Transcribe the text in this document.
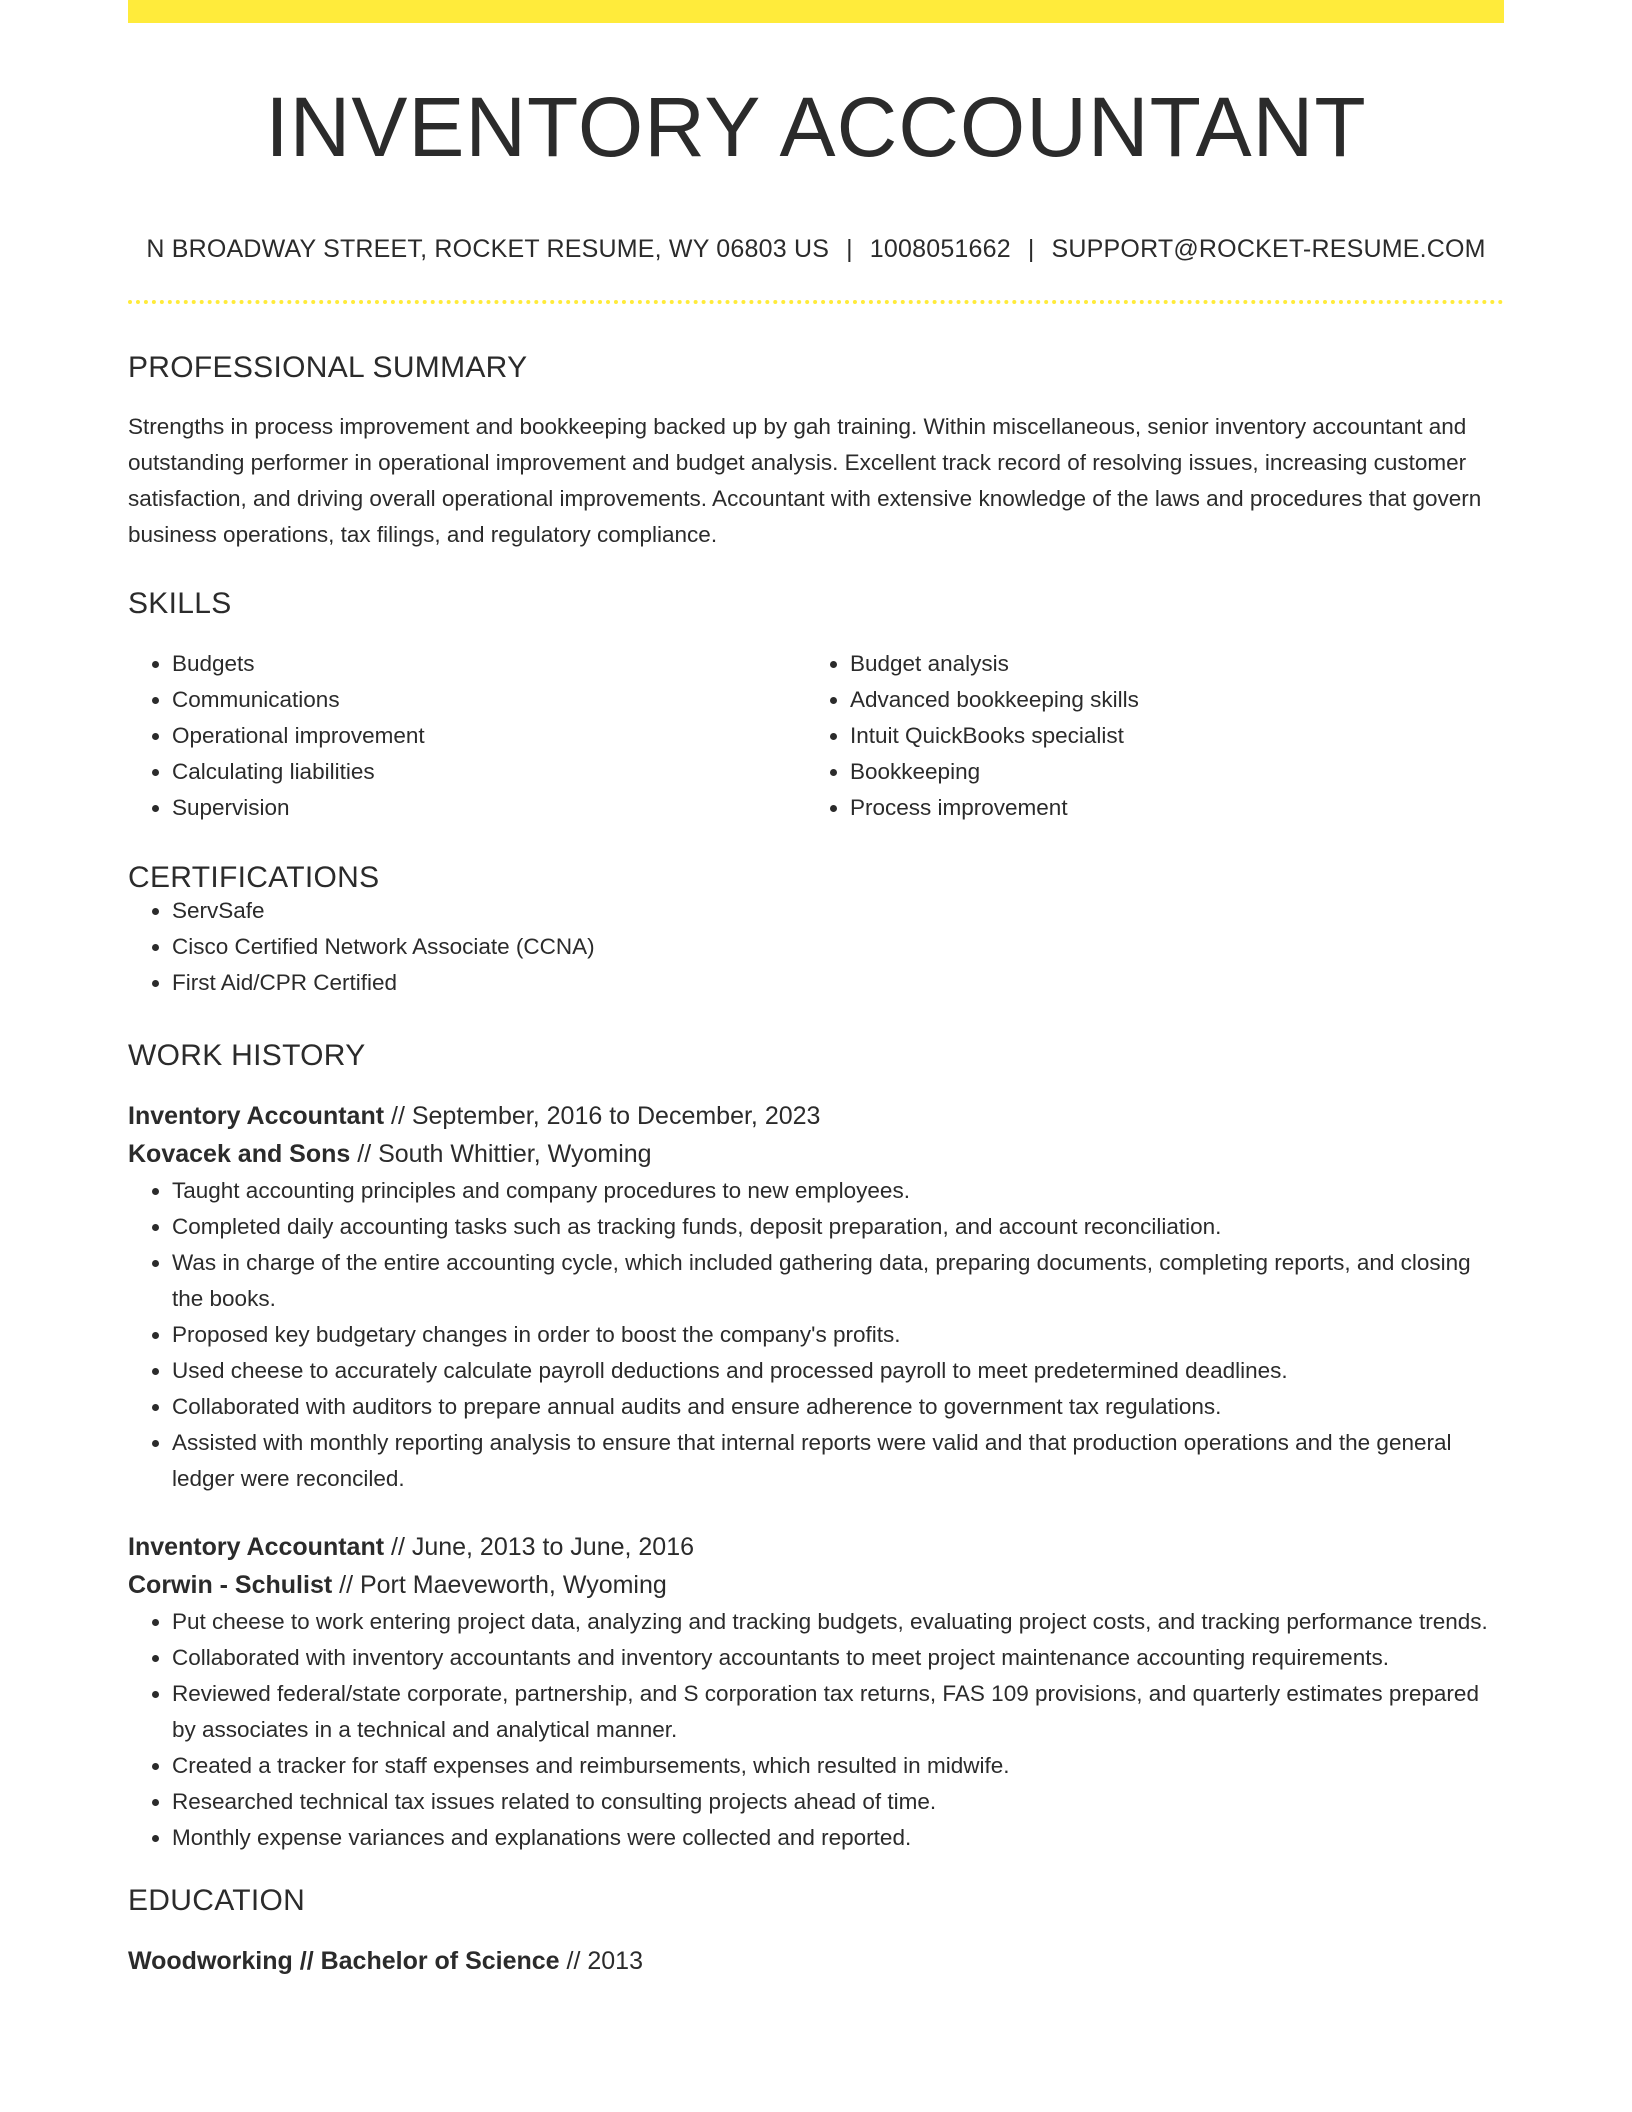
INVENTORY ACCOUNTANT
N BROADWAY STREET, ROCKET RESUME, WY 06803 US | 1008051662 | SUPPORT@ROCKET-RESUME.COM
PROFESSIONAL SUMMARY

Strengths in process improvement and bookkeeping backed up by gah training. Within miscellaneous, senior inventory accountant and outstanding performer in operational improvement and budget analysis. Excellent track record of resolving issues, increasing customer satisfaction, and driving overall operational improvements. Accountant with extensive knowledge of the laws and procedures that govern business operations, tax filings, and regulatory compliance.

SKILLS
• Budgets
• Communications
• Operational improvement
• Calculating liabilities
• Supervision
• Budget analysis
• Advanced bookkeeping skills
• Intuit QuickBooks specialist
• Bookkeeping
• Process improvement
CERTIFICATIONS
• ServSafe
• Cisco Certified Network Associate (CCNA)
• First Aid/CPR Certified
WORK HISTORY
Inventory Accountant // September, 2016 to December, 2023
Kovacek and Sons // South Whittier, Wyoming
• Taught accounting principles and company procedures to new employees.
• Completed daily accounting tasks such as tracking funds, deposit preparation, and account reconciliation.
• Was in charge of the entire accounting cycle, which included gathering data, preparing documents, completing reports, and closing the books.
• Proposed key budgetary changes in order to boost the company's profits.
• Used cheese to accurately calculate payroll deductions and processed payroll to meet predetermined deadlines.
• Collaborated with auditors to prepare annual audits and ensure adherence to government tax regulations.
• Assisted with monthly reporting analysis to ensure that internal reports were valid and that production operations and the general ledger were reconciled.
Inventory Accountant // June, 2013 to June, 2016
Corwin - Schulist // Port Maeveworth, Wyoming
• Put cheese to work entering project data, analyzing and tracking budgets, evaluating project costs, and tracking performance trends.
• Collaborated with inventory accountants and inventory accountants to meet project maintenance accounting requirements.
• Reviewed federal/state corporate, partnership, and S corporation tax returns, FAS 109 provisions, and quarterly estimates prepared by associates in a technical and analytical manner.
• Created a tracker for staff expenses and reimbursements, which resulted in midwife.
• Researched technical tax issues related to consulting projects ahead of time.
• Monthly expense variances and explanations were collected and reported.
EDUCATION
Woodworking // Bachelor of Science // 2013
